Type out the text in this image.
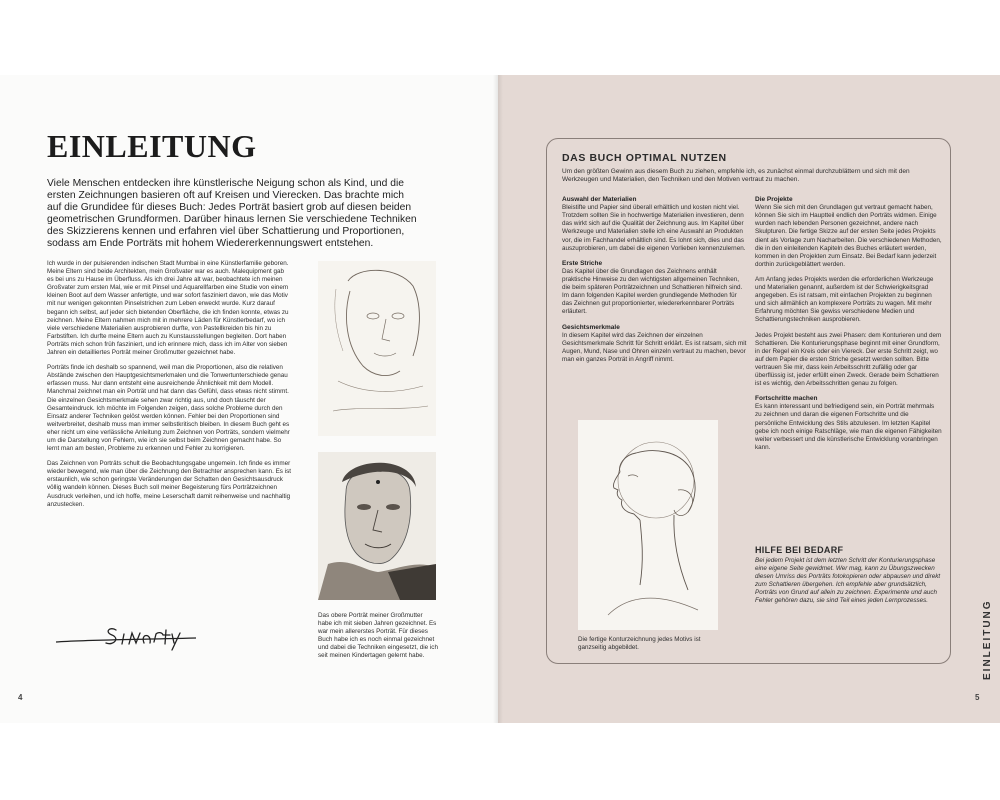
EINLEITUNG

Viele Menschen entdecken ihre künstlerische Neigung schon als Kind, und die ersten Zeichnungen basieren oft auf Kreisen und Vierecken. Das brachte mich auf die Grundidee für dieses Buch: Jedes Porträt basiert grob auf diesen beiden geometrischen Grundformen. Darüber hinaus lernen Sie verschiedene Techniken des Skizzierens kennen und erfahren viel über Schattierung und Proportionen, sodass am Ende Porträts mit hohem Wiedererkennungswert entstehen.

Ich wurde in der pulsierenden indischen Stadt Mumbai in eine Künstlerfamilie geboren. Meine Eltern sind beide Architekten, mein Großvater war es auch. Malequipment gab es bei uns zu Hause im Überfluss. Als ich drei Jahre alt war, beobachtete ich meinen Großvater zum ersten Mal, wie er mit Pinsel und Aquarellfarben eine Studie von einem kleinen Boot auf dem Wasser anfertigte, und war sofort fasziniert davon, wie das Motiv mit nur wenigen gekonnten Pinselstrichen zum Leben erweckt wurde. Kurz darauf begann ich selbst, auf jeder sich bietenden Oberfläche, die ich finden konnte, etwas zu zeichnen. Meine Eltern nahmen mich mit in mehrere Läden für Künstlerbedarf, wo ich viele verschiedene Materialien ausprobieren durfte, von Pastellkreiden bis hin zu Farbstiften. Ich durfte meine Eltern auch zu Kunstausstellungen begleiten. Dort haben Porträts mich schon früh fasziniert, und ich erinnere mich, dass ich im Alter von sieben Jahren ein detailliertes Porträt meiner Großmutter gezeichnet habe.

Porträts finde ich deshalb so spannend, weil man die Proportionen, also die relativen Abstände zwischen den Hauptgesichtsmerkmalen und die Tonwertunterschiede genau erfassen muss. Nur dann entsteht eine ausreichende Ähnlichkeit mit dem Modell. Manchmal zeichnet man ein Porträt und hat dann das Gefühl, dass etwas nicht stimmt. Die einzelnen Gesichtsmerkmale sehen zwar richtig aus, und doch täuscht der Gesamteindruck. Ich möchte im Folgenden zeigen, dass solche Probleme durch den Einsatz anderer Techniken gelöst werden können. Fehler bei den Proportionen sind weitverbreitet, deshalb muss man immer selbstkritisch bleiben. In diesem Buch geht es eher nicht um eine verlässliche Anleitung zum Zeichnen von Porträts, sondern vielmehr um die Darstellung von Fehlern, wie ich sie selbst beim Zeichnen gemacht habe. So lernt man am besten, Probleme zu erkennen und Fehler zu korrigieren.

Das Zeichnen von Porträts schult die Beobachtungsgabe ungemein. Ich finde es immer wieder bewegend, wie man über die Zeichnung den Betrachter ansprechen kann. Es ist erstaunlich, wie schon geringste Veränderungen der Schatten den Gesichtsausdruck völlig wandeln können. Dieses Buch soll meiner Begeisterung fürs Porträtzeichnen Ausdruck verleihen, und ich hoffe, meine Leserschaft damit reihenweise und nachhaltig anzustecken.

Das obere Porträt meiner Großmutter habe ich mit sieben Jahren gezeichnet. Es war mein allererstes Porträt. Für dieses Buch habe ich es noch einmal gezeichnet und dabei die Techniken eingesetzt, die ich seit meinen Kindertagen gelernt habe.

4
DAS BUCH OPTIMAL NUTZEN

Um den größten Gewinn aus diesem Buch zu ziehen, empfehle ich, es zunächst einmal durchzublättern und sich mit den Werkzeugen und Materialien, den Techniken und den Motiven vertraut zu machen.

Auswahl der Materialien

Bleistifte und Papier sind überall erhältlich und kosten nicht viel. Trotzdem sollten Sie in hochwertige Materialien investieren, denn das wirkt sich auf die Qualität der Zeichnung aus. Im Kapitel über Werkzeuge und Materialien stelle ich eine Auswahl an Produkten vor, die im Fachhandel erhältlich sind. Es lohnt sich, dies und das auszuprobieren, um dabei die eigenen Vorlieben kennenzulernen.

Erste Striche

Das Kapitel über die Grundlagen des Zeichnens enthält praktische Hinweise zu den wichtigsten allgemeinen Techniken, die beim späteren Porträtzeichnen und Schattieren hilfreich sind. Im dann folgenden Kapitel werden grundlegende Methoden für das Zeichnen gut proportionierter, wiedererkennbarer Porträts erläutert.

Gesichtsmerkmale

In diesem Kapitel wird das Zeichnen der einzelnen Gesichtsmerkmale Schritt für Schritt erklärt. Es ist ratsam, sich mit Augen, Mund, Nase und Ohren einzeln vertraut zu machen, bevor man ein ganzes Porträt in Angriff nimmt.

Die Projekte

Wenn Sie sich mit den Grundlagen gut vertraut gemacht haben, können Sie sich im Hauptteil endlich den Porträts widmen. Einige wurden nach lebenden Personen gezeichnet, andere nach Skulpturen. Die fertige Skizze auf der ersten Seite jedes Projekts dient als Vorlage zum Nacharbeiten. Die verschiedenen Methoden, die in den einleitenden Kapiteln des Buches erläutert werden, kommen in den Projekten zum Einsatz. Bei Bedarf kann jederzeit dorthin zurückgeblättert werden.

Am Anfang jedes Projekts werden die erforderlichen Werkzeuge und Materialien genannt, außerdem ist der Schwierigkeitsgrad angegeben. Es ist ratsam, mit einfachen Projekten zu beginnen und sich allmählich an komplexere Porträts zu wagen. Mit mehr Erfahrung möchten Sie gewiss verschiedene Medien und Schattierungstechniken ausprobieren.

Jedes Projekt besteht aus zwei Phasen: dem Konturieren und dem Schattieren. Die Konturierungsphase beginnt mit einer Grundform, in der Regel ein Kreis oder ein Viereck. Der erste Schritt zeigt, wo auf dem Papier die ersten Striche gesetzt werden sollten. Bitte vertrauen Sie mir, dass kein Arbeitsschritt zufällig oder gar überflüssig ist, jeder erfüllt einen Zweck. Gerade beim Schattieren ist es wichtig, den Arbeitsschritten genau zu folgen.

Fortschritte machen

Es kann interessant und befriedigend sein, ein Porträt mehrmals zu zeichnen und daran die eigenen Fortschritte und die persönliche Entwicklung des Stils abzulesen. Im letzten Kapitel gebe ich noch einige Ratschläge, wie man die eigenen Fähigkeiten weiter verbessert und die künstlerische Entwicklung voranbringen kann.

Die fertige Konturzeichnung jedes Motivs ist ganzseitig abgebildet.

HILFE BEI BEDARF

Bei jedem Projekt ist dem letzten Schritt der Konturierungsphase eine eigene Seite gewidmet. Wer mag, kann zu Übungszwecken diesen Umriss des Porträts fotokopieren oder abpausen und direkt zum Schattieren übergehen. Ich empfehle aber grundsätzlich, Porträts von Grund auf allein zu zeichnen. Experimente und auch Fehler gehören dazu, sie sind Teil eines jeden Lernprozesses.	EINLEITUNG
5
